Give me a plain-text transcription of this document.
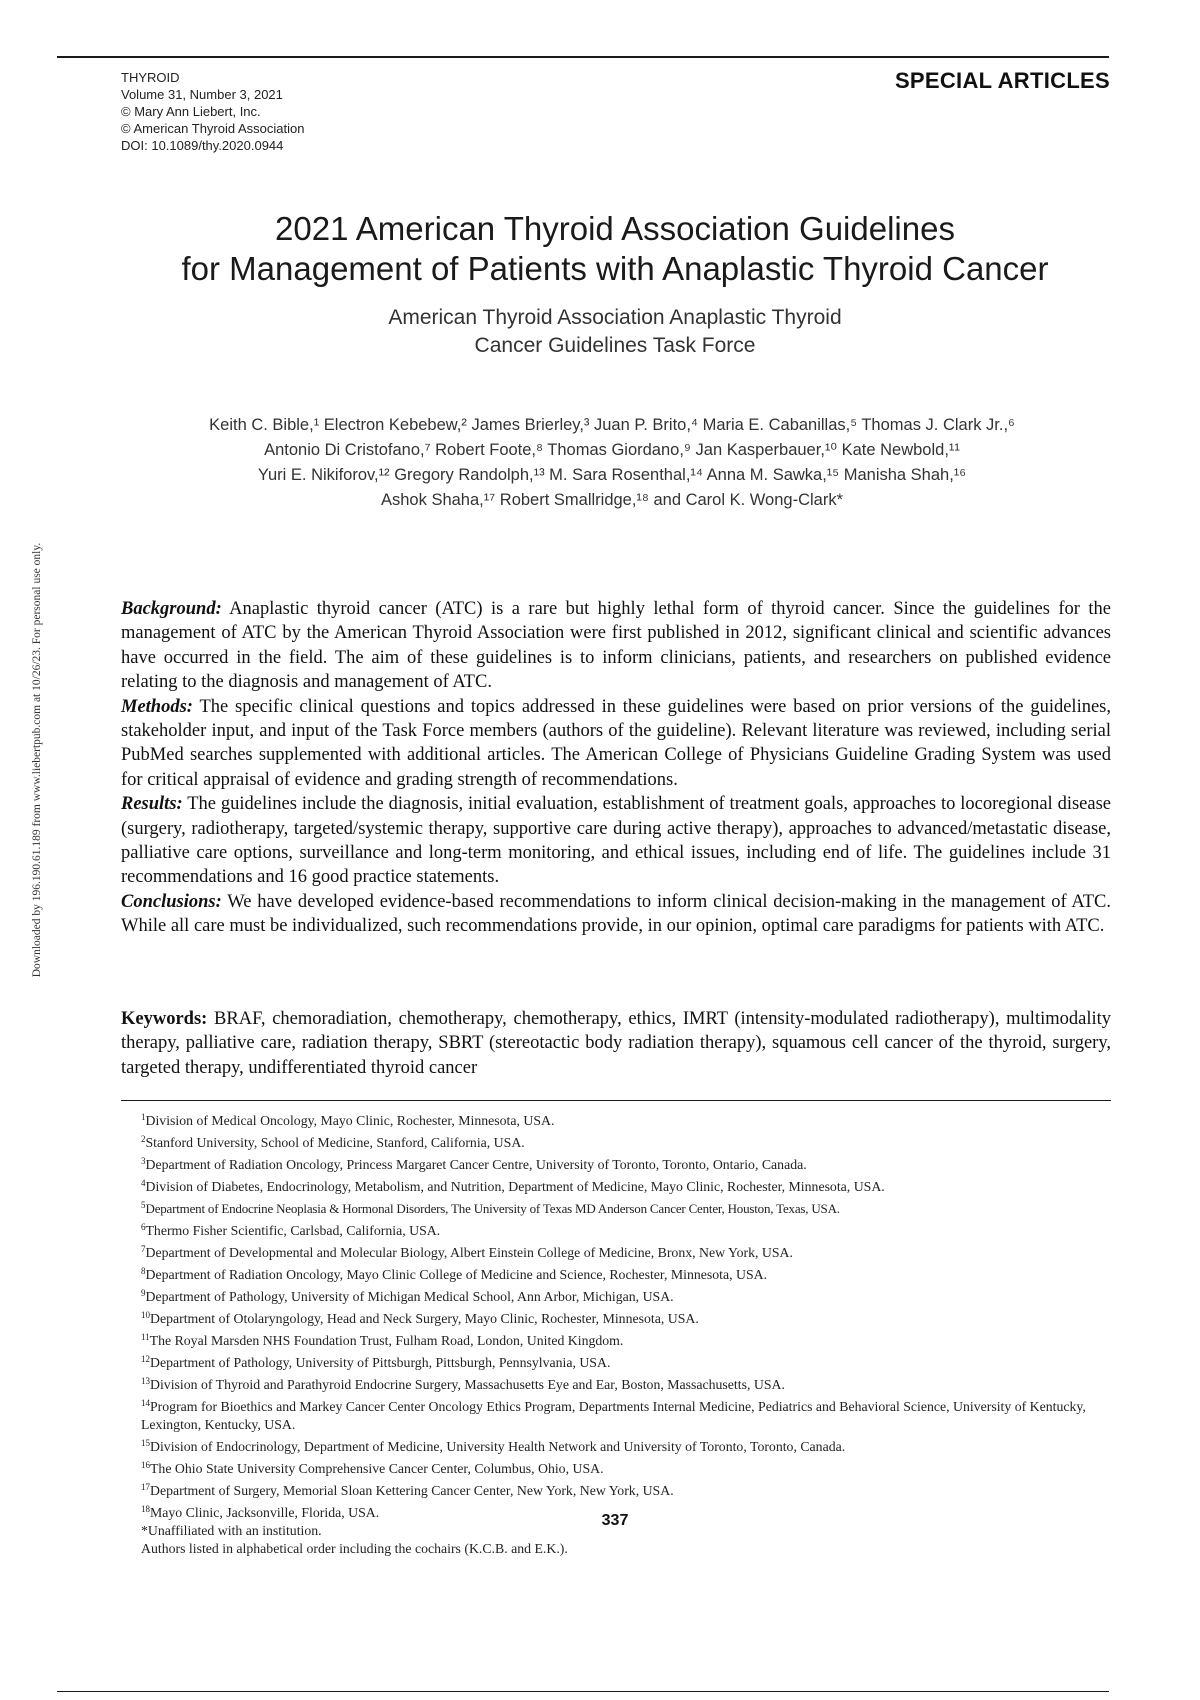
THYROID
Volume 31, Number 3, 2021
© Mary Ann Liebert, Inc.
© American Thyroid Association
DOI: 10.1089/thy.2020.0944
SPECIAL ARTICLES
2021 American Thyroid Association Guidelines
for Management of Patients with Anaplastic Thyroid Cancer
American Thyroid Association Anaplastic Thyroid
Cancer Guidelines Task Force
Keith C. Bible,¹ Electron Kebebew,² James Brierley,³ Juan P. Brito,⁴ Maria E. Cabanillas,⁵ Thomas J. Clark Jr.,⁶
Antonio Di Cristofano,⁷ Robert Foote,⁸ Thomas Giordano,⁹ Jan Kasperbauer,¹⁰ Kate Newbold,¹¹
Yuri E. Nikiforov,¹² Gregory Randolph,¹³ M. Sara Rosenthal,¹⁴ Anna M. Sawka,¹⁵ Manisha Shah,¹⁶
Ashok Shaha,¹⁷ Robert Smallridge,¹⁸ and Carol K. Wong-Clark*
Downloaded by 196.190.61.189 from www.liebertpub.com at 10/26/23. For personal use only.	Background: Anaplastic thyroid cancer (ATC) is a rare but highly lethal form of thyroid cancer. Since the guidelines for the management of ATC by the American Thyroid Association were first published in 2012, significant clinical and scientific advances have occurred in the field. The aim of these guidelines is to inform clinicians, patients, and researchers on published evidence relating to the diagnosis and management of ATC.

Methods: The specific clinical questions and topics addressed in these guidelines were based on prior versions of the guidelines, stakeholder input, and input of the Task Force members (authors of the guideline). Relevant literature was reviewed, including serial PubMed searches supplemented with additional articles. The American College of Physicians Guideline Grading System was used for critical appraisal of evidence and grading strength of recommendations.

Results: The guidelines include the diagnosis, initial evaluation, establishment of treatment goals, approaches to locoregional disease (surgery, radiotherapy, targeted/systemic therapy, supportive care during active therapy), approaches to advanced/metastatic disease, palliative care options, surveillance and long-term monitoring, and ethical issues, including end of life. The guidelines include 31 recommendations and 16 good practice statements.

Conclusions: We have developed evidence-based recommendations to inform clinical decision-making in the management of ATC. While all care must be individualized, such recommendations provide, in our opinion, optimal care paradigms for patients with ATC.

Keywords: BRAF, chemoradiation, chemotherapy, chemotherapy, ethics, IMRT (intensity-modulated radiotherapy), multimodality therapy, palliative care, radiation therapy, SBRT (stereotactic body radiation therapy), squamous cell cancer of the thyroid, surgery, targeted therapy, undifferentiated thyroid cancer
$^1$Division of Medical Oncology, Mayo Clinic, Rochester, Minnesota, USA.
$^2$Stanford University, School of Medicine, Stanford, California, USA.
$^3$Department of Radiation Oncology, Princess Margaret Cancer Centre, University of Toronto, Toronto, Ontario, Canada.
$^4$Division of Diabetes, Endocrinology, Metabolism, and Nutrition, Department of Medicine, Mayo Clinic, Rochester, Minnesota, USA.
$^5$Department of Endocrine Neoplasia & Hormonal Disorders, The University of Texas MD Anderson Cancer Center, Houston, Texas, USA.
$^6$Thermo Fisher Scientific, Carlsbad, California, USA.
$^7$Department of Developmental and Molecular Biology, Albert Einstein College of Medicine, Bronx, New York, USA.
$^8$Department of Radiation Oncology, Mayo Clinic College of Medicine and Science, Rochester, Minnesota, USA.
$^9$Department of Pathology, University of Michigan Medical School, Ann Arbor, Michigan, USA.
$^{10}$Department of Otolaryngology, Head and Neck Surgery, Mayo Clinic, Rochester, Minnesota, USA.
$^{11}$The Royal Marsden NHS Foundation Trust, Fulham Road, London, United Kingdom.
$^{12}$Department of Pathology, University of Pittsburgh, Pittsburgh, Pennsylvania, USA.
$^{13}$Division of Thyroid and Parathyroid Endocrine Surgery, Massachusetts Eye and Ear, Boston, Massachusetts, USA.
$^{14}$Program for Bioethics and Markey Cancer Center Oncology Ethics Program, Departments Internal Medicine, Pediatrics and Behavioral Science, University of Kentucky, Lexington, Kentucky, USA.
$^{15}$Division of Endocrinology, Department of Medicine, University Health Network and University of Toronto, Toronto, Canada.
$^{16}$The Ohio State University Comprehensive Cancer Center, Columbus, Ohio, USA.
$^{17}$Department of Surgery, Memorial Sloan Kettering Cancer Center, New York, New York, USA.
$^{18}$Mayo Clinic, Jacksonville, Florida, USA.
*Unaffiliated with an institution.
Authors listed in alphabetical order including the cochairs (K.C.B. and E.K.).
337
